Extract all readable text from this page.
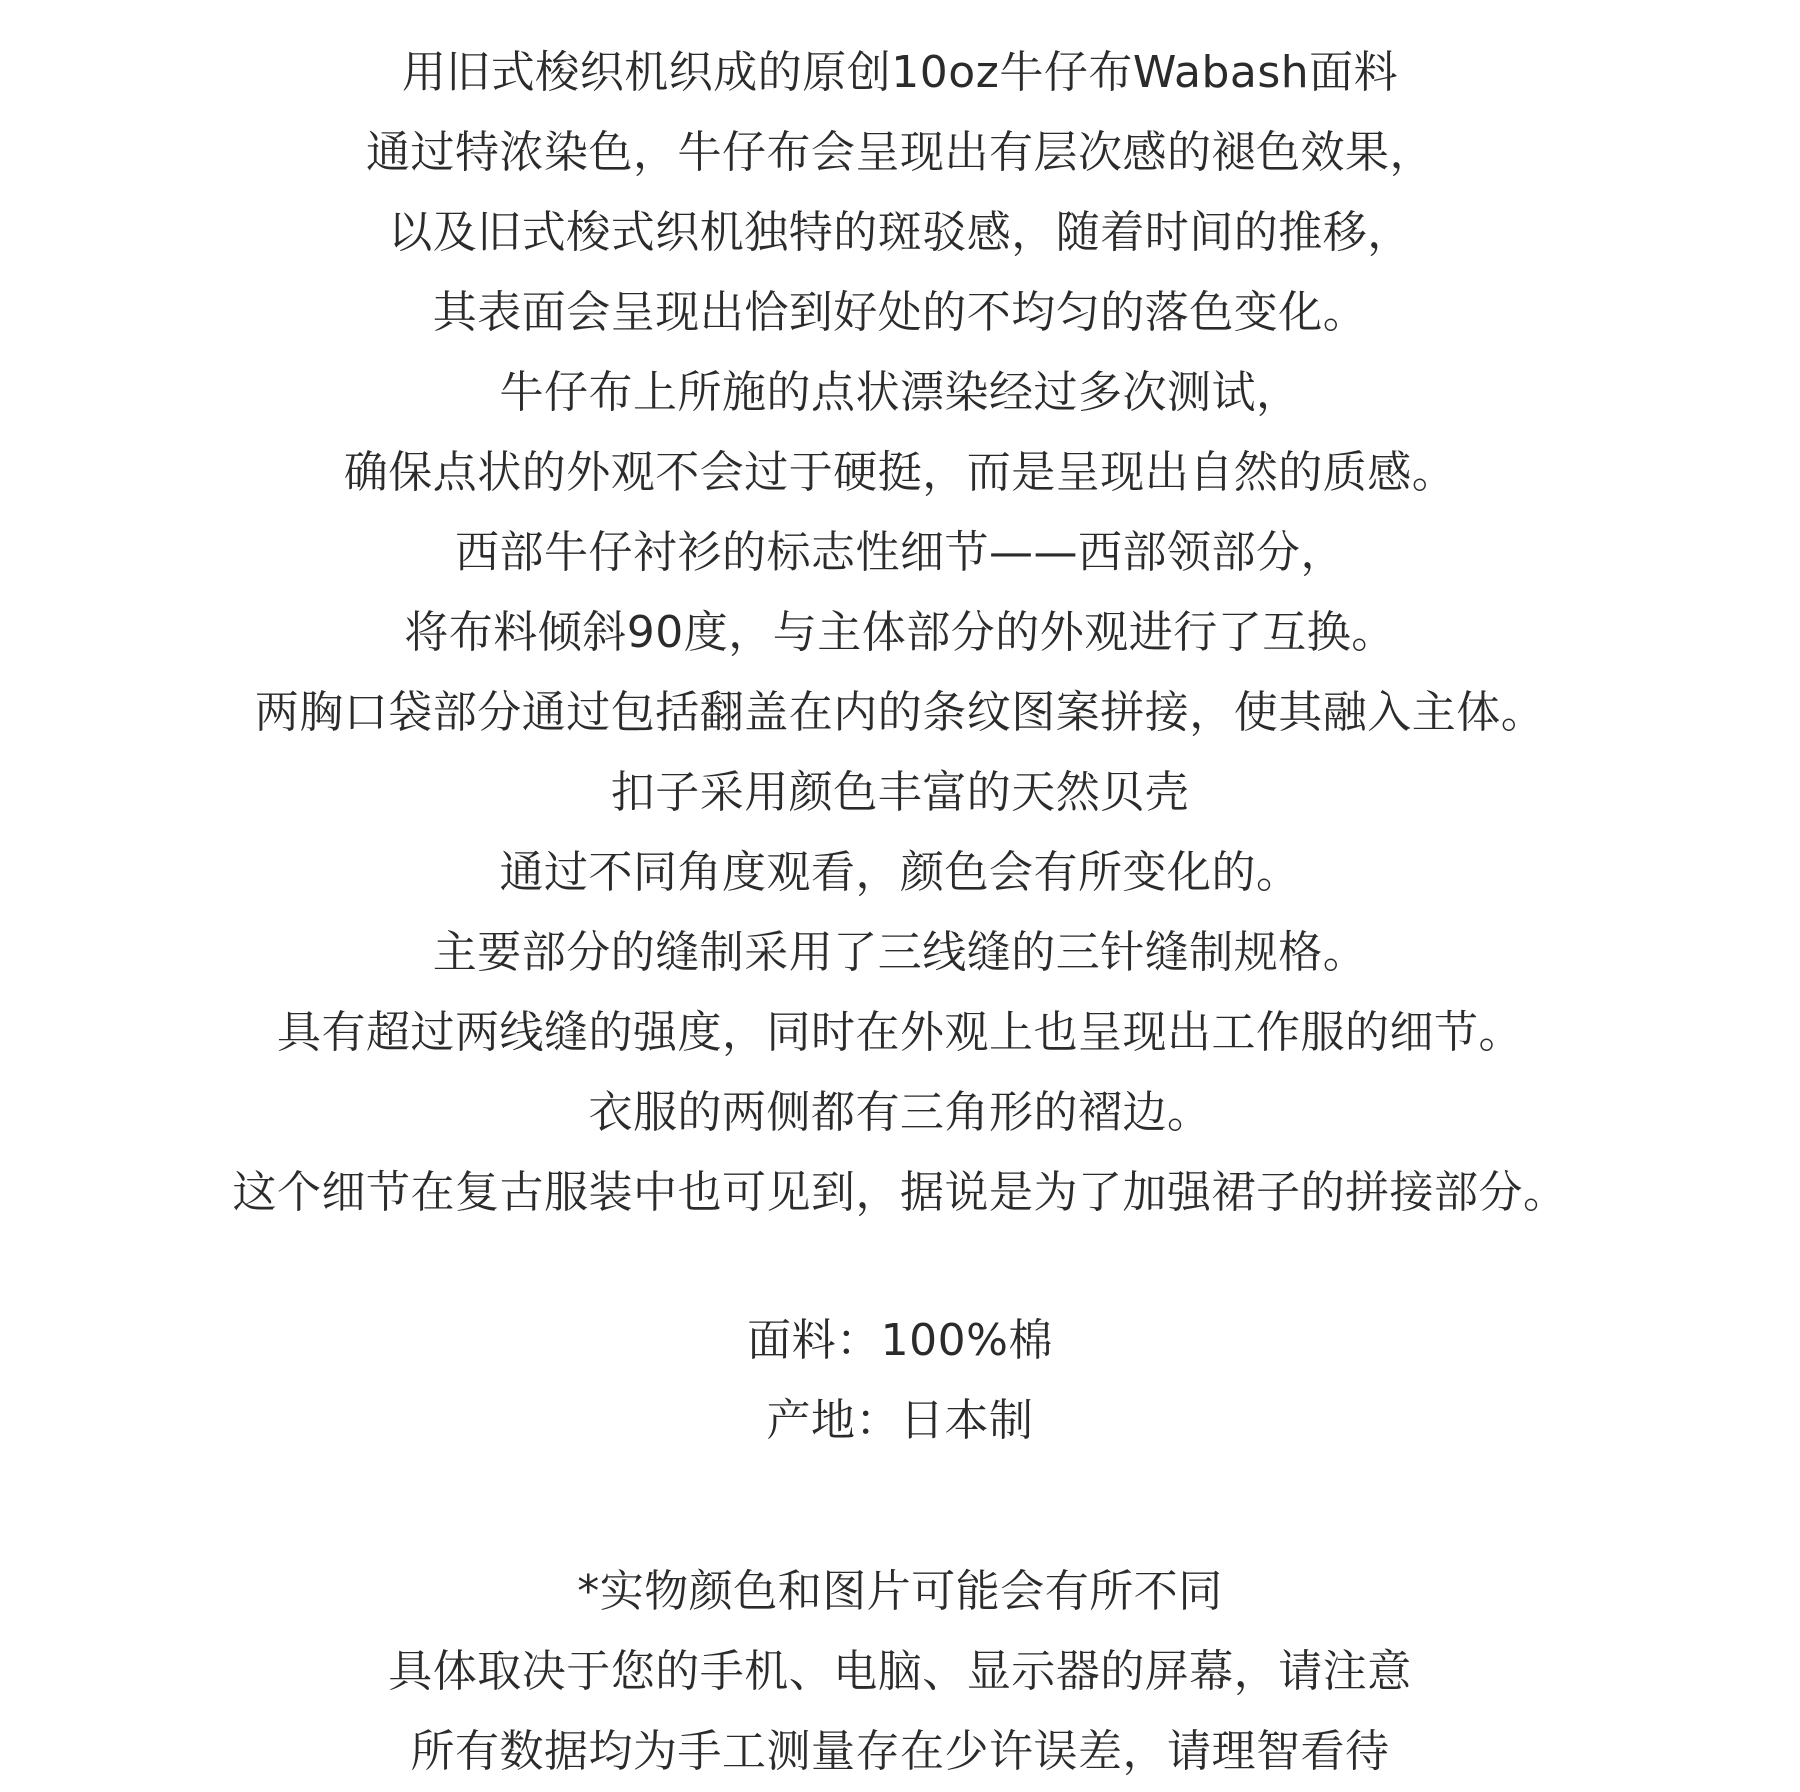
用旧式梭织机织成的原创10oz牛仔布Wabash面料
通过特浓染色，牛仔布会呈现出有层次感的褪色效果，
以及旧式梭式织机独特的斑驳感，随着时间的推移，
其表面会呈现出恰到好处的不均匀的落色变化。
牛仔布上所施的点状漂染经过多次测试，
确保点状的外观不会过于硬挺，而是呈现出自然的质感。
西部牛仔衬衫的标志性细节——西部领部分，
将布料倾斜90度，与主体部分的外观进行了互换。
两胸口袋部分通过包括翻盖在内的条纹图案拼接，使其融入主体。
扣子采用颜色丰富的天然贝壳
通过不同角度观看，颜色会有所变化的。
主要部分的缝制采用了三线缝的三针缝制规格。
具有超过两线缝的强度，同时在外观上也呈现出工作服的细节。
衣服的两侧都有三角形的褶边。
这个细节在复古服装中也可见到，据说是为了加强裙子的拼接部分。
面料：100%棉
产地：日本制
*实物颜色和图片可能会有所不同
具体取决于您的手机、电脑、显示器的屏幕，请注意
所有数据均为手工测量存在少许误差，请理智看待
